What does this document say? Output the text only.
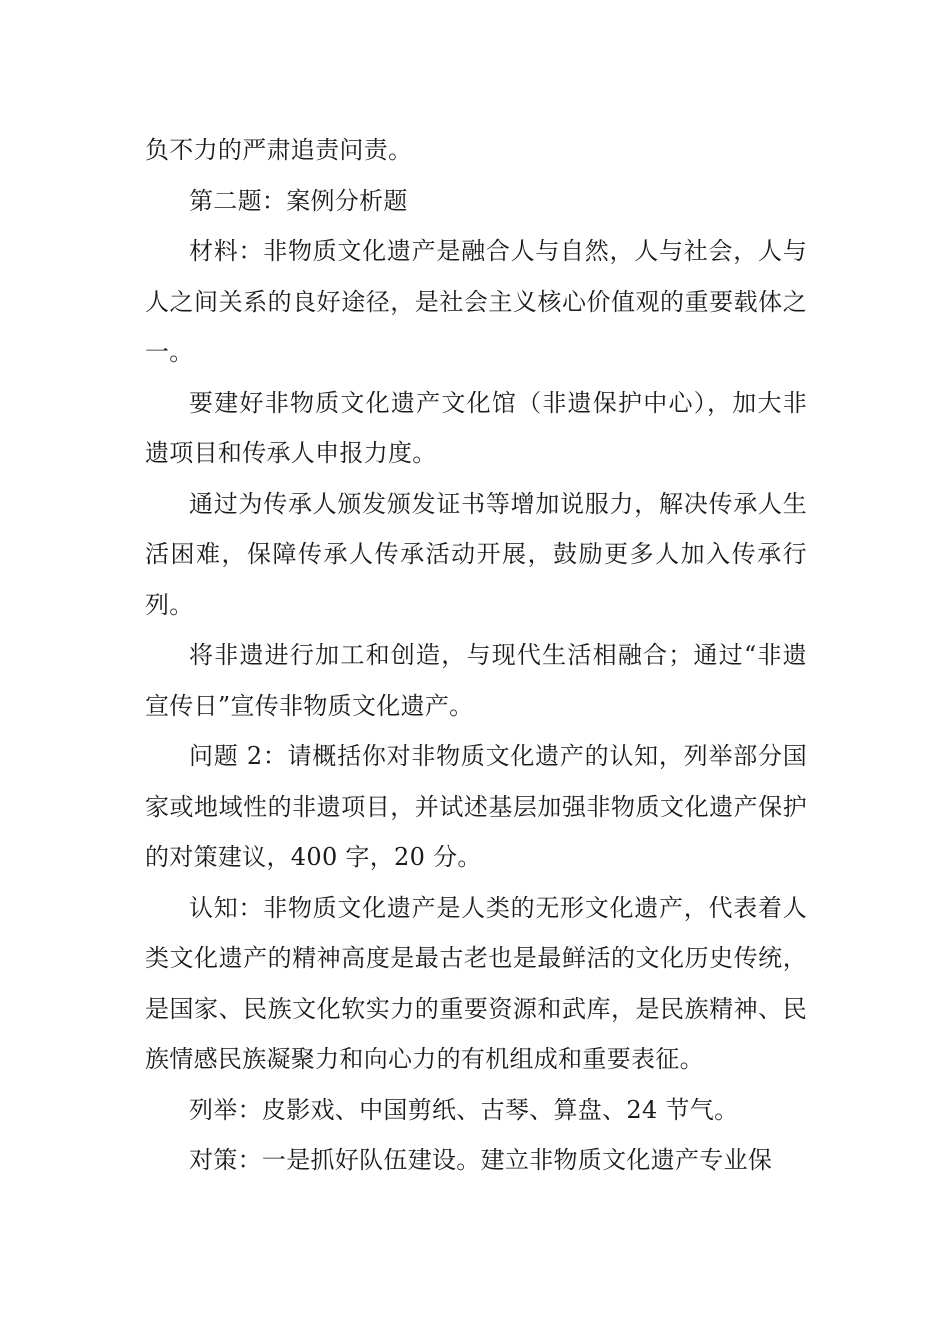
负不力的严肃追责问责。

第二题：案例分析题

材料：非物质文化遗产是融合人与自然，人与社会，人与人之间关系的良好途径，是社会主义核心价值观的重要载体之一。

要建好非物质文化遗产文化馆（非遗保护中心），加大非遗项目和传承人申报力度。

通过为传承人颁发颁发证书等增加说服力，解决传承人生活困难，保障传承人传承活动开展，鼓励更多人加入传承行列。

将非遗进行加工和创造，与现代生活相融合；通过“非遗宣传日”宣传非物质文化遗产。

问题 2：请概括你对非物质文化遗产的认知，列举部分国家或地域性的非遗项目，并试述基层加强非物质文化遗产保护的对策建议，400 字，20 分。

认知：非物质文化遗产是人类的无形文化遗产，代表着人类文化遗产的精神高度是最古老也是最鲜活的文化历史传统，是国家、民族文化软实力的重要资源和武库，是民族精神、民族情感民族凝聚力和向心力的有机组成和重要表征。

列举：皮影戏、中国剪纸、古琴、算盘、24 节气。

对策：一是抓好队伍建设。建立非物质文化遗产专业保
